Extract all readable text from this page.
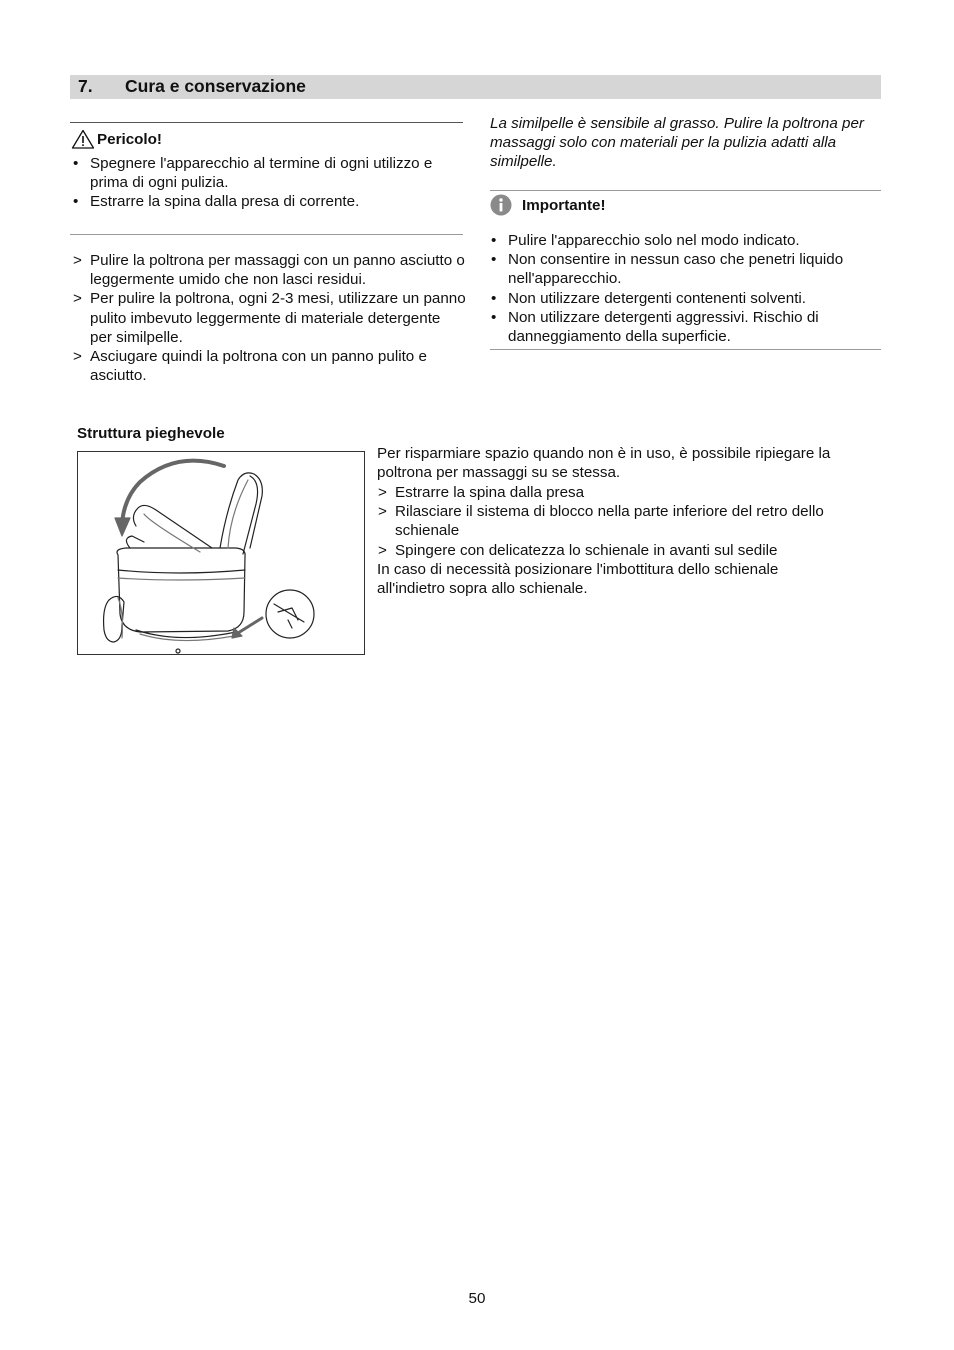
7. Cura e conservazione
Pericolo!
• Spegnere l'apparecchio al termine di ogni utilizzo e prima di ogni pulizia.
• Estrarre la spina dalla presa di corrente.
> Pulire la poltrona per massaggi con un panno asciutto o leggermente umido che non lasci residui.
> Per pulire la poltrona, ogni 2-3 mesi, utilizzare un panno pulito imbevuto leggermente di materiale detergente per similpelle.
> Asciugare quindi la poltrona con un panno pulito e asciutto.

La similpelle è sensibile al grasso. Pulire la poltrona per massaggi solo con materiali per la pulizia adatti alla similpelle.

Importante!
• Pulire l'apparecchio solo nel modo indicato.
• Non consentire in nessun caso che penetri liquido nell'apparecchio.
• Non utilizzare detergenti contenenti solventi.
• Non utilizzare detergenti aggressivi. Rischio di danneggiamento della superficie.
Struttura pieghevole

Per risparmiare spazio quando non è in uso, è possibile ripiegare la poltrona per massaggi su se stessa.

> Estrarre la spina dalla presa
> Rilasciare il sistema di blocco nella parte inferiore del retro dello schienale
> Spingere con delicatezza lo schienale in avanti sul sedile

In caso di necessità posizionare l'imbottitura dello schienale all'indietro sopra allo schienale.

50
